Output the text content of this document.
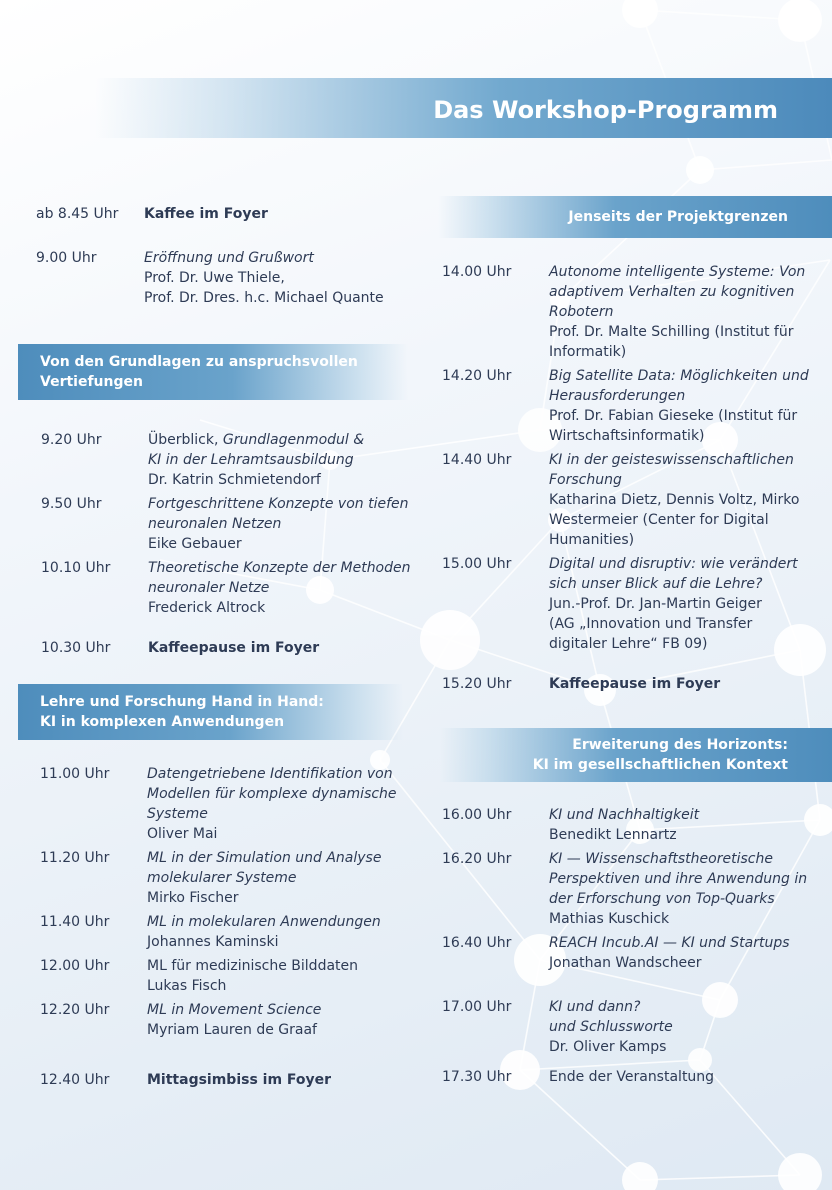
Das Workshop-Programm
ab 8.45 Uhr Kaffee im Foyer
9.00 Uhr	Eröffnung und Grußwort
Prof. Dr. Uwe Thiele,
Prof. Dr. Dres. h.c. Michael Quante
Von den Grundlagen zu anspruchsvollen
Vertiefungen
9.20 Uhr	Überblick, Grundlagenmodul &
KI in der Lehramtsausbildung
Dr. Katrin Schmietendorf
9.50 Uhr	Fortgeschrittene Konzepte von tiefen
neuronalen Netzen
Eike Gebauer
10.10 Uhr	Theoretische Konzepte der Methoden
neuronaler Netze
Frederick Altrock
10.30 Uhr	Kaffeepause im Foyer
Lehre und Forschung Hand in Hand:
KI in komplexen Anwendungen
11.00 Uhr	Datengetriebene Identifikation von
Modellen für komplexe dynamische
Systeme
Oliver Mai
11.20 Uhr	ML in der Simulation und Analyse
molekularer Systeme
Mirko Fischer
11.40 Uhr	ML in molekularen Anwendungen
Johannes Kaminski
12.00 Uhr	ML für medizinische Bilddaten
Lukas Fisch
12.20 Uhr	ML in Movement Science
Myriam Lauren de Graaf
12.40 Uhr	Mittagsimbiss im Foyer
Jenseits der Projektgrenzen
14.00 Uhr	Autonome intelligente Systeme: Von
adaptivem Verhalten zu kognitiven
Robotern
Prof. Dr. Malte Schilling (Institut für
Informatik)
14.20 Uhr	Big Satellite Data: Möglichkeiten und
Herausforderungen
Prof. Dr. Fabian Gieseke (Institut für
Wirtschaftsinformatik)
14.40 Uhr	KI in der geisteswissenschaftlichen
Forschung
Katharina Dietz, Dennis Voltz, Mirko
Westermeier (Center for Digital
Humanities)
15.00 Uhr	Digital und disruptiv: wie verändert
sich unser Blick auf die Lehre?
Jun.-Prof. Dr. Jan-Martin Geiger
(AG „Innovation und Transfer
digitaler Lehre“ FB 09)
15.20 Uhr	Kaffeepause im Foyer
Erweiterung des Horizonts:
KI im gesellschaftlichen Kontext
16.00 Uhr	KI und Nachhaltigkeit
Benedikt Lennartz
16.20 Uhr	KI — Wissenschaftstheoretische
Perspektiven und ihre Anwendung in
der Erforschung von Top-Quarks
Mathias Kuschick
16.40 Uhr	REACH Incub.AI — KI und Startups
Jonathan Wandscheer
17.00 Uhr	KI und dann?
und Schlussworte
Dr. Oliver Kamps
17.30 Uhr	Ende der Veranstaltung
